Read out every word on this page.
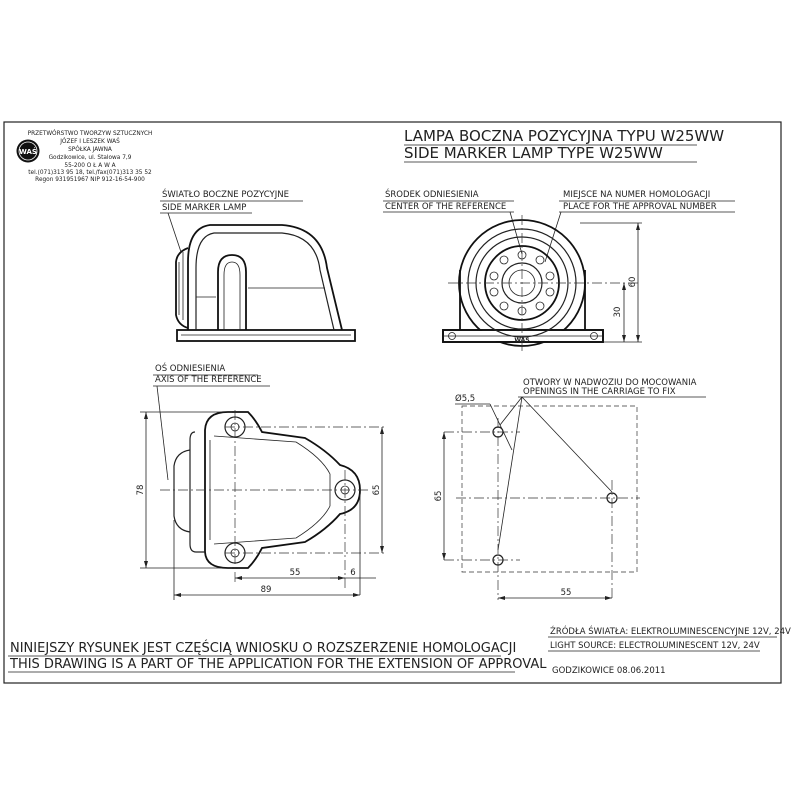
WAŚ
PRZETWÓRSTWO TWORZYW SZTUCZNYCH
JÓZEF I LESZEK WAŚ
SPÓŁKA JAWNA
Godzikowice, ul. Stalowa 7,9
55-200 O Ł A W A
tel.(071)313 95 18, tel./fax(071)313 35 52
Regon 931951967 NIP 912-16-54-900
LAMPA BOCZNA POZYCYJNA TYPU W25WW
SIDE MARKER LAMP TYPE W25WW
ŚWIATŁO BOCZNE POZYCYJNE
SIDE MARKER LAMP
ŚRODEK ODNIESIENIA
CENTER OF THE REFERENCE
MIEJSCE NA NUMER HOMOLOGACJI
PLACE FOR THE APPROVAL NUMBER
WAŚ
60
30
OŚ ODNIESIENIA
AXIS OF THE REFERENCE
78	65
55	6
89
OTWORY W NADWOZIU DO MOCOWANIA
OPENINGS IN THE CARRIAGE TO FIX
Ø5,5
65
55
NINIEJSZY RYSUNEK JEST CZĘŚCIĄ WNIOSKU O ROZSZERZENIE HOMOLOGACJI
THIS DRAWING IS A PART OF THE APPLICATION FOR THE EXTENSION OF APPROVAL
ŹRÓDŁA ŚWIATŁA: ELEKTROLUMINESCENCYJNE 12V, 24V
LIGHT SOURCE: ELECTROLUMINESCENT 12V, 24V
GODZIKOWICE 08.06.2011
